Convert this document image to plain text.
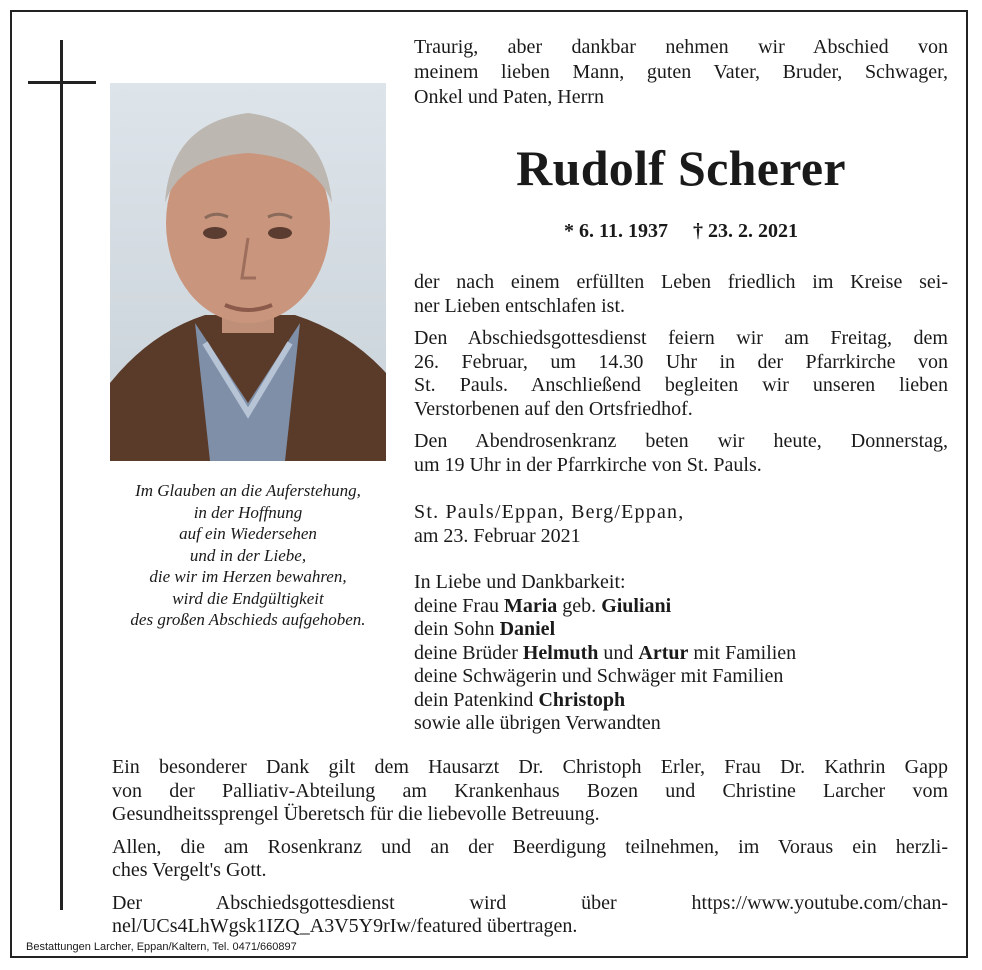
Im Glauben an die Auferstehung,
in der Hoffnung
auf ein Wiedersehen
und in der Liebe,
die wir im Herzen bewahren,
wird die Endgültigkeit
des großen Abschieds aufgehoben.
Traurig, aber dankbar nehmen wir Abschied von
meinem lieben Mann, guten Vater, Bruder, Schwager,
Onkel und Paten, Herrn
Rudolf Scherer
* 6. 11. 1937 † 23. 2. 2021
der nach einem erfüllten Leben friedlich im Kreise sei-
ner Lieben entschlafen ist.
Den Abschiedsgottesdienst feiern wir am Freitag, dem
26. Februar, um 14.30 Uhr in der Pfarrkirche von
St. Pauls. Anschließend begleiten wir unseren lieben
Verstorbenen auf den Ortsfriedhof.
Den Abendrosenkranz beten wir heute, Donnerstag,
um 19 Uhr in der Pfarrkirche von St. Pauls.
St. Pauls/Eppan, Berg/Eppan,
am 23. Februar 2021
In Liebe und Dankbarkeit:
deine Frau Maria geb. Giuliani
dein Sohn Daniel
deine Brüder Helmuth und Artur mit Familien
deine Schwägerin und Schwäger mit Familien
dein Patenkind Christoph
sowie alle übrigen Verwandten
Ein besonderer Dank gilt dem Hausarzt Dr. Christoph Erler, Frau Dr. Kathrin Gapp
von der Palliativ-Abteilung am Krankenhaus Bozen und Christine Larcher vom
Gesundheitssprengel Überetsch für die liebevolle Betreuung.
Allen, die am Rosenkranz und an der Beerdigung teilnehmen, im Voraus ein herzli-
ches Vergelt's Gott.
Der Abschiedsgottesdienst wird über https://www.youtube.com/chan-
nel/UCs4LhWgsk1IZQ_A3V5Y9rIw/featured übertragen.
Bestattungen Larcher, Eppan/Kaltern, Tel. 0471/660897
